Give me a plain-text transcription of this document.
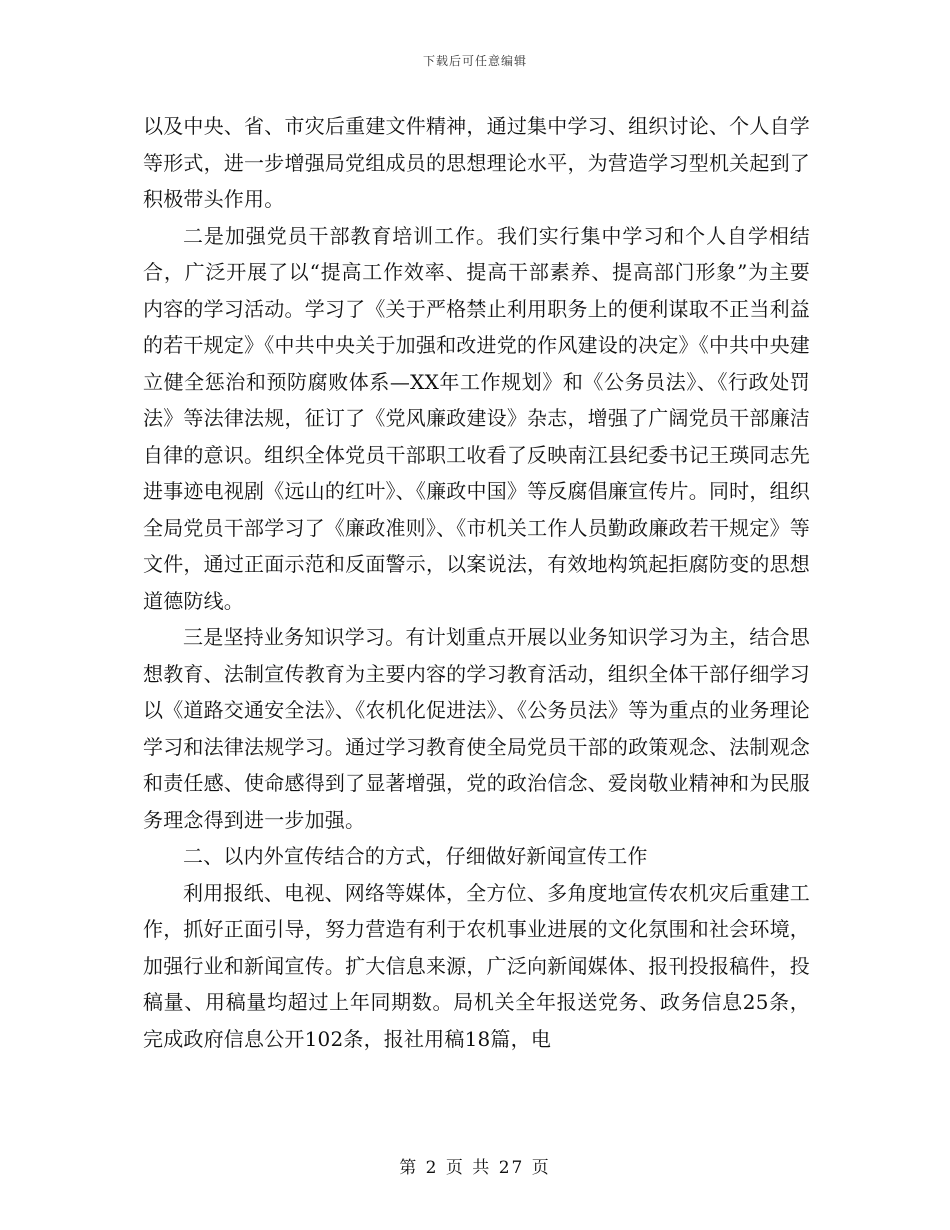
下载后可任意编辑

以及中央、省、市灾后重建文件精神，通过集中学习、组织讨论、个人自学等形式，进一步增强局党组成员的思想理论水平，为营造学习型机关起到了积极带头作用。

二是加强党员干部教育培训工作。我们实行集中学习和个人自学相结合，广泛开展了以“提高工作效率、提高干部素养、提高部门形象”为主要内容的学习活动。学习了《关于严格禁止利用职务上的便利谋取不正当利益的若干规定》《中共中央关于加强和改进党的作风建设的决定》《中共中央建立健全惩治和预防腐败体系—XX年工作规划》和《公务员法》、《行政处罚法》等法律法规，征订了《党风廉政建设》杂志，增强了广阔党员干部廉洁自律的意识。组织全体党员干部职工收看了反映南江县纪委书记王瑛同志先进事迹电视剧《远山的红叶》、《廉政中国》等反腐倡廉宣传片。同时，组织全局党员干部学习了《廉政准则》、《市机关工作人员勤政廉政若干规定》等文件，通过正面示范和反面警示，以案说法，有效地构筑起拒腐防变的思想道德防线。

三是坚持业务知识学习。有计划重点开展以业务知识学习为主，结合思想教育、法制宣传教育为主要内容的学习教育活动，组织全体干部仔细学习以《道路交通安全法》、《农机化促进法》、《公务员法》等为重点的业务理论学习和法律法规学习。通过学习教育使全局党员干部的政策观念、法制观念和责任感、使命感得到了显著增强，党的政治信念、爱岗敬业精神和为民服务理念得到进一步加强。

二、以内外宣传结合的方式，仔细做好新闻宣传工作

利用报纸、电视、网络等媒体，全方位、多角度地宣传农机灾后重建工作，抓好正面引导，努力营造有利于农机事业进展的文化氛围和社会环境，加强行业和新闻宣传。扩大信息来源，广泛向新闻媒体、报刊投报稿件，投稿量、用稿量均超过上年同期数。局机关全年报送党务、政务信息25条，完成政府信息公开102条，报社用稿18篇，电

第 2 页 共 27 页
